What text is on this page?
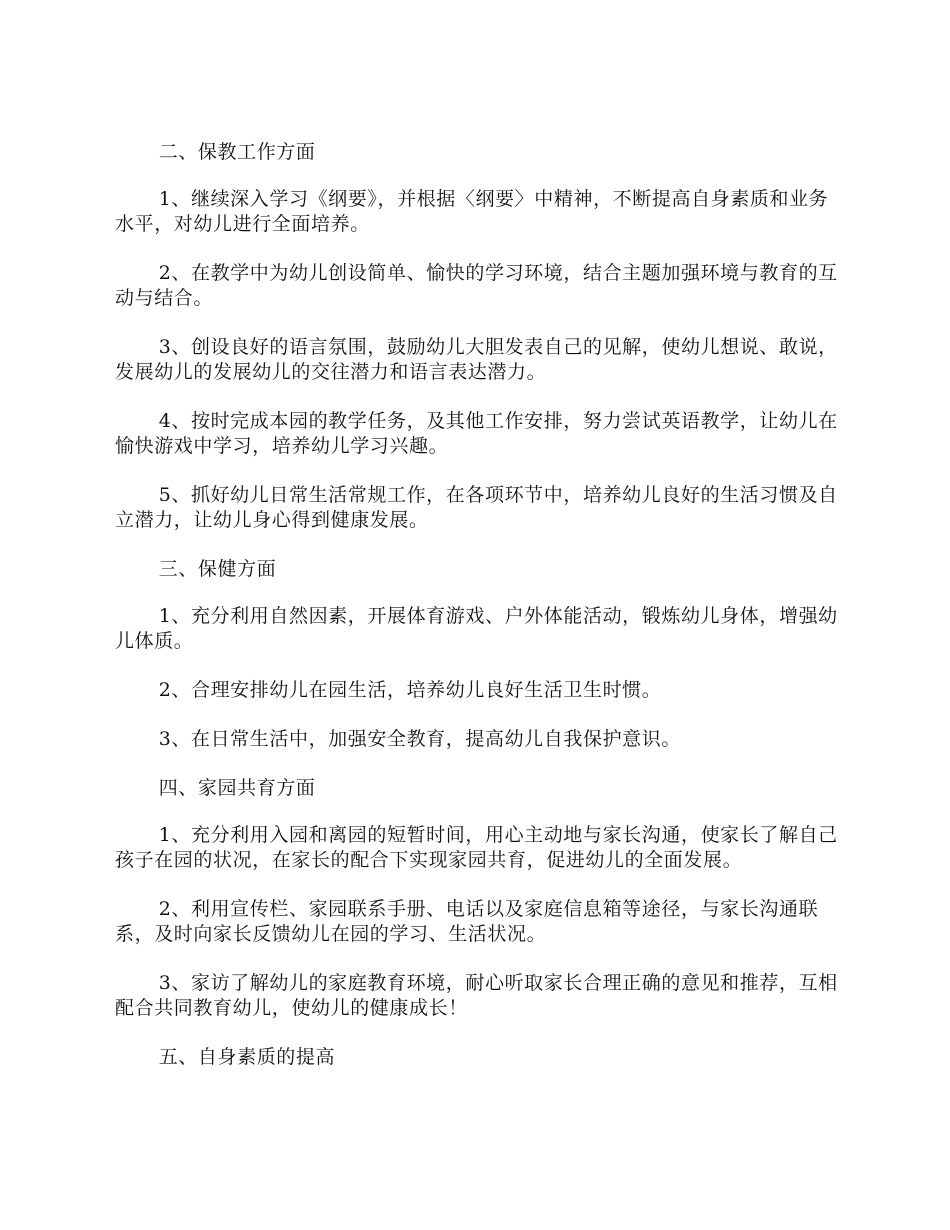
二、保教工作方面

1、继续深入学习《纲要》，并根据〈纲要〉中精神，不断提高自身素质和业务水平，对幼儿进行全面培养。

2、在教学中为幼儿创设简单、愉快的学习环境，结合主题加强环境与教育的互动与结合。

3、创设良好的语言氛围，鼓励幼儿大胆发表自己的见解，使幼儿想说、敢说，发展幼儿的发展幼儿的交往潜力和语言表达潜力。

4、按时完成本园的教学任务，及其他工作安排，努力尝试英语教学，让幼儿在愉快游戏中学习，培养幼儿学习兴趣。

5、抓好幼儿日常生活常规工作，在各项环节中，培养幼儿良好的生活习惯及自立潜力，让幼儿身心得到健康发展。

三、保健方面

1、充分利用自然因素，开展体育游戏、户外体能活动，锻炼幼儿身体，增强幼儿体质。

2、合理安排幼儿在园生活，培养幼儿良好生活卫生时惯。

3、在日常生活中，加强安全教育，提高幼儿自我保护意识。

四、家园共育方面

1、充分利用入园和离园的短暂时间，用心主动地与家长沟通，使家长了解自己孩子在园的状况，在家长的配合下实现家园共育，促进幼儿的全面发展。

2、利用宣传栏、家园联系手册、电话以及家庭信息箱等途径，与家长沟通联系，及时向家长反馈幼儿在园的学习、生活状况。

3、家访了解幼儿的家庭教育环境，耐心听取家长合理正确的意见和推荐，互相配合共同教育幼儿，使幼儿的健康成长！

五、自身素质的提高
